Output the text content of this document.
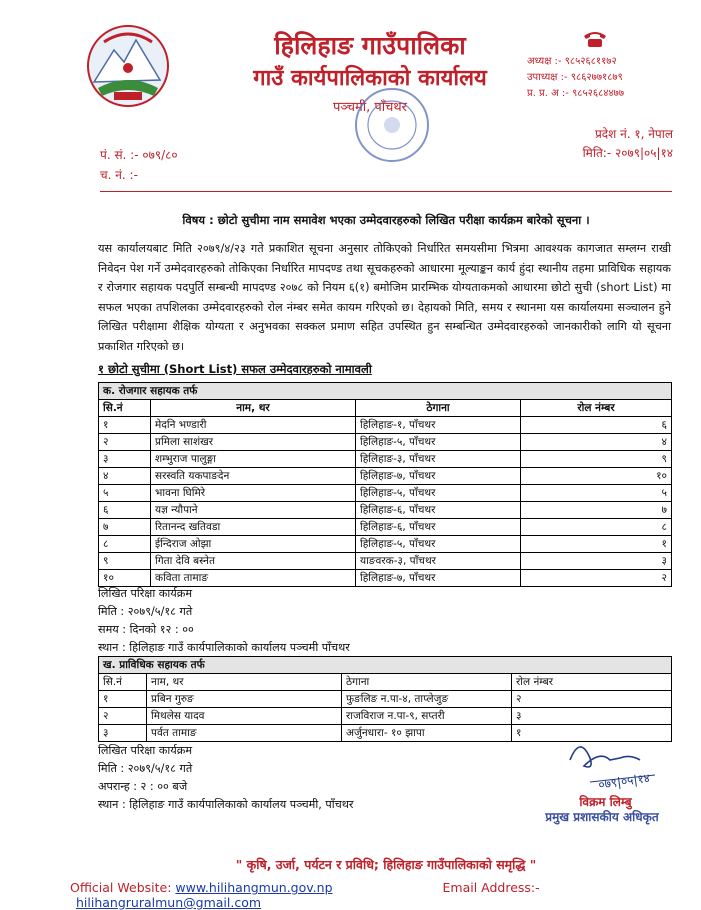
हिलिहाङ गाउँपालिका
गाउँ कार्यपालिकाको कार्यालय
पञ्चमी, पाँचथर
अध्यक्ष :- ९८५२६८११७२
उपाध्यक्ष :- ९८६२७७१८७९
प्र. प्र. अ :- ९८५२६८४४७७
प्रदेश नं. १, नेपाल
मिति:- २०७९|०५|१४
पं. सं. :- ०७९/८०
च. नं. :-
विषय : छोटो सुचीमा नाम समावेश भएका उम्मेदवारहरुको लिखित परीक्षा कार्यक्रम बारेको सूचना ।
यस कार्यालयबाट मिति २०७९/४/२३ गते प्रकाशित सूचना अनुसार तोकिएको निर्धारित समयसीमा भित्रमा आवश्यक कागजात सम्लग्न राखी निवेदन पेश गर्ने उम्मेदवारहरुको तोकिएका निर्धारित मापदण्ड तथा सूचकहरुको आधारमा मूल्याङ्कन कार्य हुंदा स्थानीय तहमा प्राविधिक सहायक र रोजगार सहायक पदपुर्ति सम्बन्धी मापदण्ड २०७८ को नियम ६(१) बमोजिम प्रारम्भिक योग्यताकमको आधारमा छोटो सुची (short List) मा सफल भएका तपशिलका उम्मेदवारहरुको रोल नंम्बर समेत कायम गरिएको छ। देहायको मिति, समय र स्थानमा यस कार्यालयमा सञ्चालन हुने लिखित परीक्षामा शैक्षिक योग्यता र अनुभवका सक्कल प्रमाण सहित उपस्थित हुन सम्बन्धित उम्मेदवारहरुको जानकारीको लागि यो सूचना प्रकाशित गरिएको छ।
१ छोटो सुचीमा (Short List) सफल उम्मेदवारहरुको नामावली
क. रोजगार सहायक तर्फ			
सि.नं	नाम, थर	ठेगाना	रोल नंम्बर
१	मेदनि भण्डारी	हिलिहाङ-१, पाँचथर	६
२	प्रमिला साशंखर	हिलिहाङ-५, पाँचथर	४
३	शम्भुराज पालुङ्गा	हिलिहाङ-३, पाँचथर	९
४	सरस्वति यकपाङदेन	हिलिहाङ-७, पाँचथर	१०
५	भावना घिमिरे	हिलिहाङ-५, पाँचथर	५
६	यज्ञ न्यौपाने	हिलिहाङ-६, पाँचथर	७
७	रितानन्द खतिवडा	हिलिहाङ-६, पाँचथर	८
८	ईन्दिराज ओझा	हिलिहाङ-५, पाँचथर	१
९	गिता देवि बस्नेत	याङवरक-३, पाँचथर	३
१०	कविता तामाङ	हिलिहाङ-७, पाँचथर	२
लिखित परिक्षा कार्यक्रम
मिति : २०७९/५/१८ गते
समय : दिनको १२ : ००
स्थान : हिलिहाङ गाउँ कार्यपालिकाको कार्यालय पञ्चमी पाँचथर
ख. प्राविधिक सहायक तर्फ			
सि.नं	नाम, थर	ठेगाना	रोल नंम्बर
१	प्रबिन गुरुङ	फुङलिङ न.पा-४, ताप्लेजुङ	२
२	मिथलेस यादव	राजविराज न.पा-९, सप्तरी	३
३	पर्वत तामाङ	अर्जुनधारा- १० झापा	१
लिखित परिक्षा कार्यक्रम
मिति : २०७९/५/१८ गते
अपरान्ह : २ : ०० बजे
स्थान : हिलिहाङ गाउँ कार्यपालिकाको कार्यालय पञ्चमी, पाँचथर
०७९|०५|१४
विक्रम लिम्बु
प्रमुख प्रशासकीय अधिकृत
" कृषि, उर्जा, पर्यटन र प्रविधि; हिलिहाङ गाउँपालिकाको समृद्धि "
Official Website: www.hilihangmun.gov.np	Email Address:- hilihangruralmun@gmail.com
